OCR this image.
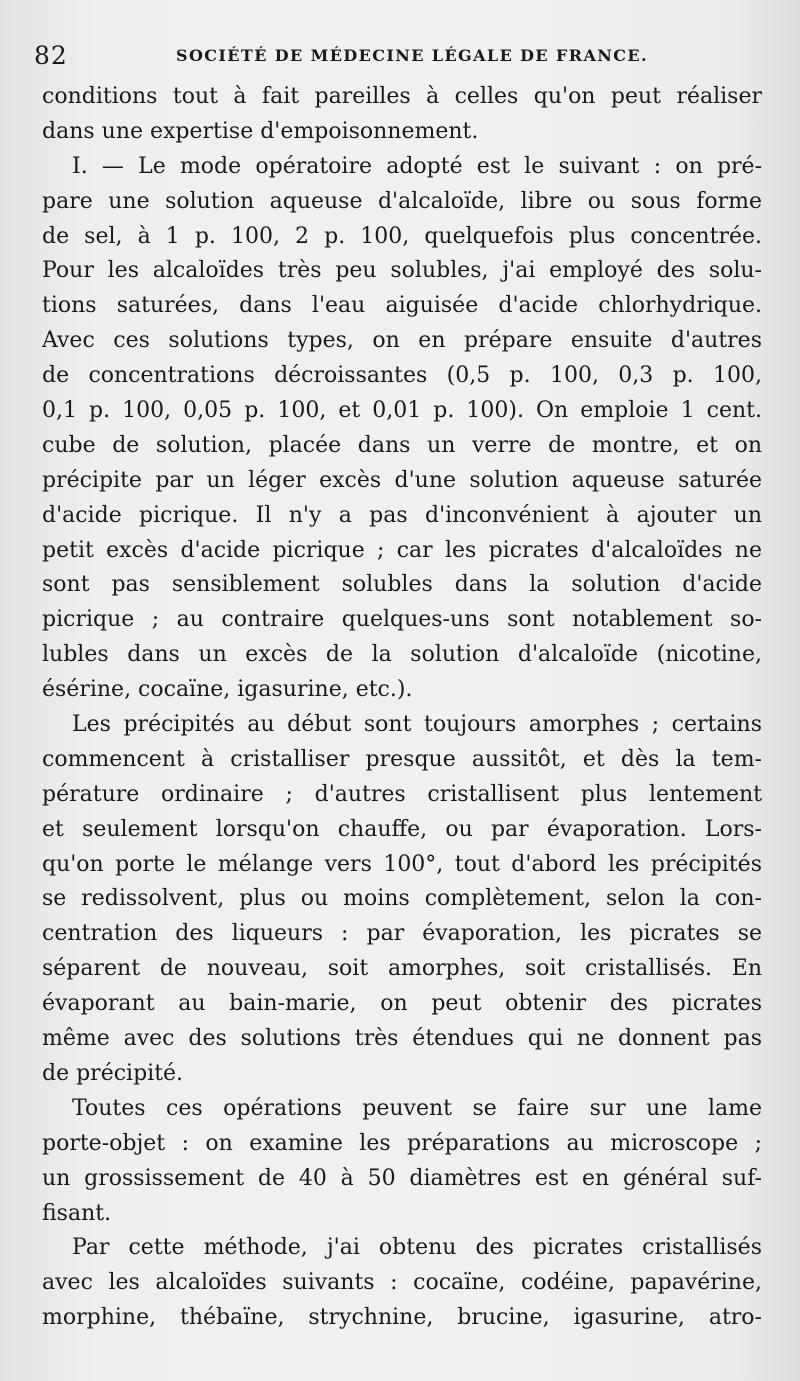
82	SOCIÉTÉ DE MÉDECINE LÉGALE DE FRANCE.
conditions tout à fait pareilles à celles qu'on peut réaliser
dans une expertise d'empoisonnement.
I. — Le mode opératoire adopté est le suivant : on pré-
pare une solution aqueuse d'alcaloïde, libre ou sous forme
de sel, à 1 p. 100, 2 p. 100, quelquefois plus concentrée.
Pour les alcaloïdes très peu solubles, j'ai employé des solu-
tions saturées, dans l'eau aiguisée d'acide chlorhydrique.
Avec ces solutions types, on en prépare ensuite d'autres
de concentrations décroissantes (0,5 p. 100, 0,3 p. 100,
0,1 p. 100, 0,05 p. 100, et 0,01 p. 100). On emploie 1 cent.
cube de solution, placée dans un verre de montre, et on
précipite par un léger excès d'une solution aqueuse saturée
d'acide picrique. Il n'y a pas d'inconvénient à ajouter un
petit excès d'acide picrique ; car les picrates d'alcaloïdes ne
sont pas sensiblement solubles dans la solution d'acide
picrique ; au contraire quelques-uns sont notablement so-
lubles dans un excès de la solution d'alcaloïde (nicotine,
ésérine, cocaïne, igasurine, etc.).
Les précipités au début sont toujours amorphes ; certains
commencent à cristalliser presque aussitôt, et dès la tem-
pérature ordinaire ; d'autres cristallisent plus lentement
et seulement lorsqu'on chauffe, ou par évaporation. Lors-
qu'on porte le mélange vers 100°, tout d'abord les précipités
se redissolvent, plus ou moins complètement, selon la con-
centration des liqueurs : par évaporation, les picrates se
séparent de nouveau, soit amorphes, soit cristallisés. En
évaporant au bain-marie, on peut obtenir des picrates
même avec des solutions très étendues qui ne donnent pas
de précipité.
Toutes ces opérations peuvent se faire sur une lame
porte-objet : on examine les préparations au microscope ;
un grossissement de 40 à 50 diamètres est en général suf-
fisant.
Par cette méthode, j'ai obtenu des picrates cristallisés
avec les alcaloïdes suivants : cocaïne, codéine, papavérine,
morphine, thébaïne, strychnine, brucine, igasurine, atro-
